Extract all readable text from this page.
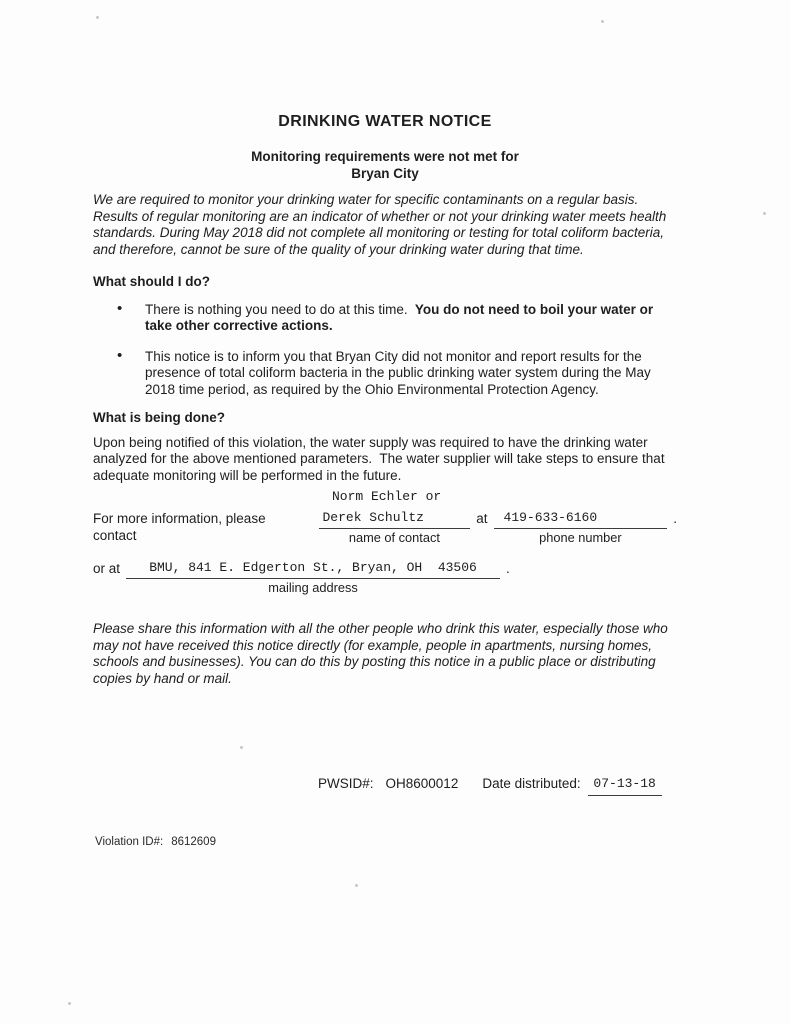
DRINKING WATER NOTICE
Monitoring requirements were not met for
Bryan City

We are required to monitor your drinking water for specific contaminants on a regular basis. Results of regular monitoring are an indicator of whether or not your drinking water meets health standards. During May 2018 did not complete all monitoring or testing for total coliform bacteria, and therefore, cannot be sure of the quality of your drinking water during that time.

What should I do?
• There is nothing you need to do at this time.  You do not need to boil your water or take other corrective actions.
• This notice is to inform you that Bryan City did not monitor and report results for the presence of total coliform bacteria in the public drinking water system during the May 2018 time period, as required by the Ohio Environmental Protection Agency.
What is being done?

Upon being notified of this violation, the water supply was required to have the drinking water analyzed for the above mentioned parameters.  The water supplier will take steps to ensure that adequate monitoring will be performed in the future.

Norm Echler or
For more information, please contact
Derek Schultz
name of contact
at	419-633-6160
phone number
.
or at	BMU, 841 E. Edgerton St., Bryan, OH  43506
mailing address
.

Please share this information with all the other people who drink this water, especially those who may not have received this notice directly (for example, people in apartments, nursing homes, schools and businesses). You can do this by posting this notice in a public place or distributing copies by hand or mail.

PWSID#: OH8600012 Date distributed: 07-13-18
Violation ID#: 8612609
